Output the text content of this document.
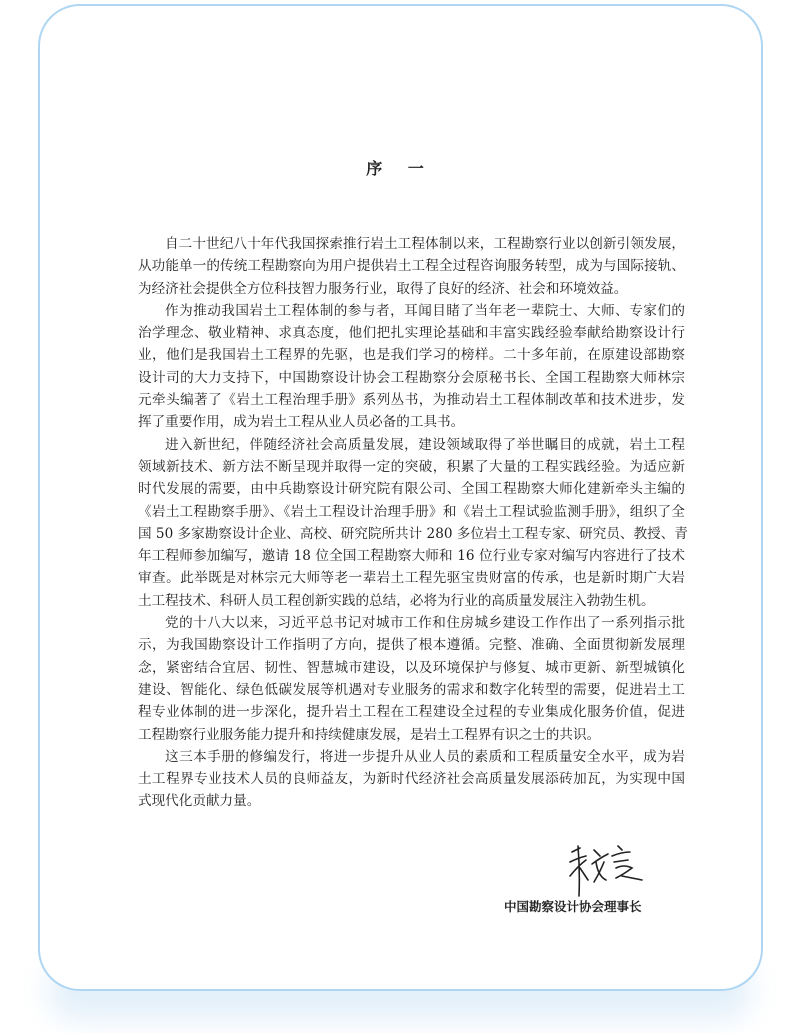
序 一
自二十世纪八十年代我国探索推行岩土工程体制以来，工程勘察行业以创新引领发展，
从功能单一的传统工程勘察向为用户提供岩土工程全过程咨询服务转型，成为与国际接轨、
为经济社会提供全方位科技智力服务行业，取得了良好的经济、社会和环境效益。
作为推动我国岩土工程体制的参与者，耳闻目睹了当年老一辈院士、大师、专家们的
治学理念、敬业精神、求真态度，他们把扎实理论基础和丰富实践经验奉献给勘察设计行
业，他们是我国岩土工程界的先驱，也是我们学习的榜样。二十多年前，在原建设部勘察
设计司的大力支持下，中国勘察设计协会工程勘察分会原秘书长、全国工程勘察大师林宗
元牵头编著了《岩土工程治理手册》系列丛书，为推动岩土工程体制改革和技术进步，发
挥了重要作用，成为岩土工程从业人员必备的工具书。
进入新世纪，伴随经济社会高质量发展，建设领域取得了举世瞩目的成就，岩土工程
领域新技术、新方法不断呈现并取得一定的突破，积累了大量的工程实践经验。为适应新
时代发展的需要，由中兵勘察设计研究院有限公司、全国工程勘察大师化建新牵头主编的
《岩土工程勘察手册》、《岩土工程设计治理手册》和《岩土工程试验监测手册》，组织了全
国 50 多家勘察设计企业、高校、研究院所共计 280 多位岩土工程专家、研究员、教授、青
年工程师参加编写，邀请 18 位全国工程勘察大师和 16 位行业专家对编写内容进行了技术
审查。此举既是对林宗元大师等老一辈岩土工程先驱宝贵财富的传承，也是新时期广大岩
土工程技术、科研人员工程创新实践的总结，必将为行业的高质量发展注入勃勃生机。
党的十八大以来，习近平总书记对城市工作和住房城乡建设工作作出了一系列指示批
示，为我国勘察设计工作指明了方向，提供了根本遵循。完整、准确、全面贯彻新发展理
念，紧密结合宜居、韧性、智慧城市建设，以及环境保护与修复、城市更新、新型城镇化
建设、智能化、绿色低碳发展等机遇对专业服务的需求和数字化转型的需要，促进岩土工
程专业体制的进一步深化，提升岩土工程在工程建设全过程的专业集成化服务价值，促进
工程勘察行业服务能力提升和持续健康发展，是岩土工程界有识之士的共识。
这三本手册的修编发行，将进一步提升从业人员的素质和工程质量安全水平，成为岩
土工程界专业技术人员的良师益友，为新时代经济社会高质量发展添砖加瓦，为实现中国
式现代化贡献力量。
中国勘察设计协会理事长
